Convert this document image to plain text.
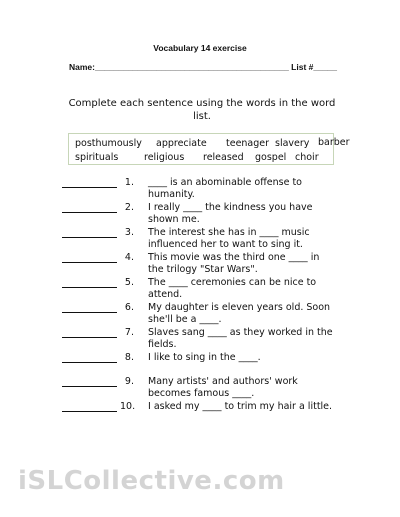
Vocabulary 14 exercise
Name:_________________________________________ List #_____
Complete each sentence using the words in the word list.
posthumously appreciate teenager slavery
spirituals	religious released gospel choir
barber
1. ____ is an abominable offense to humanity.
2. I really ____ the kindness you have shown me.
3. The interest she has in ____ music influenced her to want to sing it.
4. This movie was the third one ____ in the trilogy "Star Wars".
5. The ____ ceremonies can be nice to attend.
6. My daughter is eleven years old. Soon she'll be a ____.
7. Slaves sang ____ as they worked in the fields.
8. I like to sing in the ____.
9. Many artists' and authors' work becomes famous ____.
10. I asked my ____ to trim my hair a little.
iSLCollective.com
